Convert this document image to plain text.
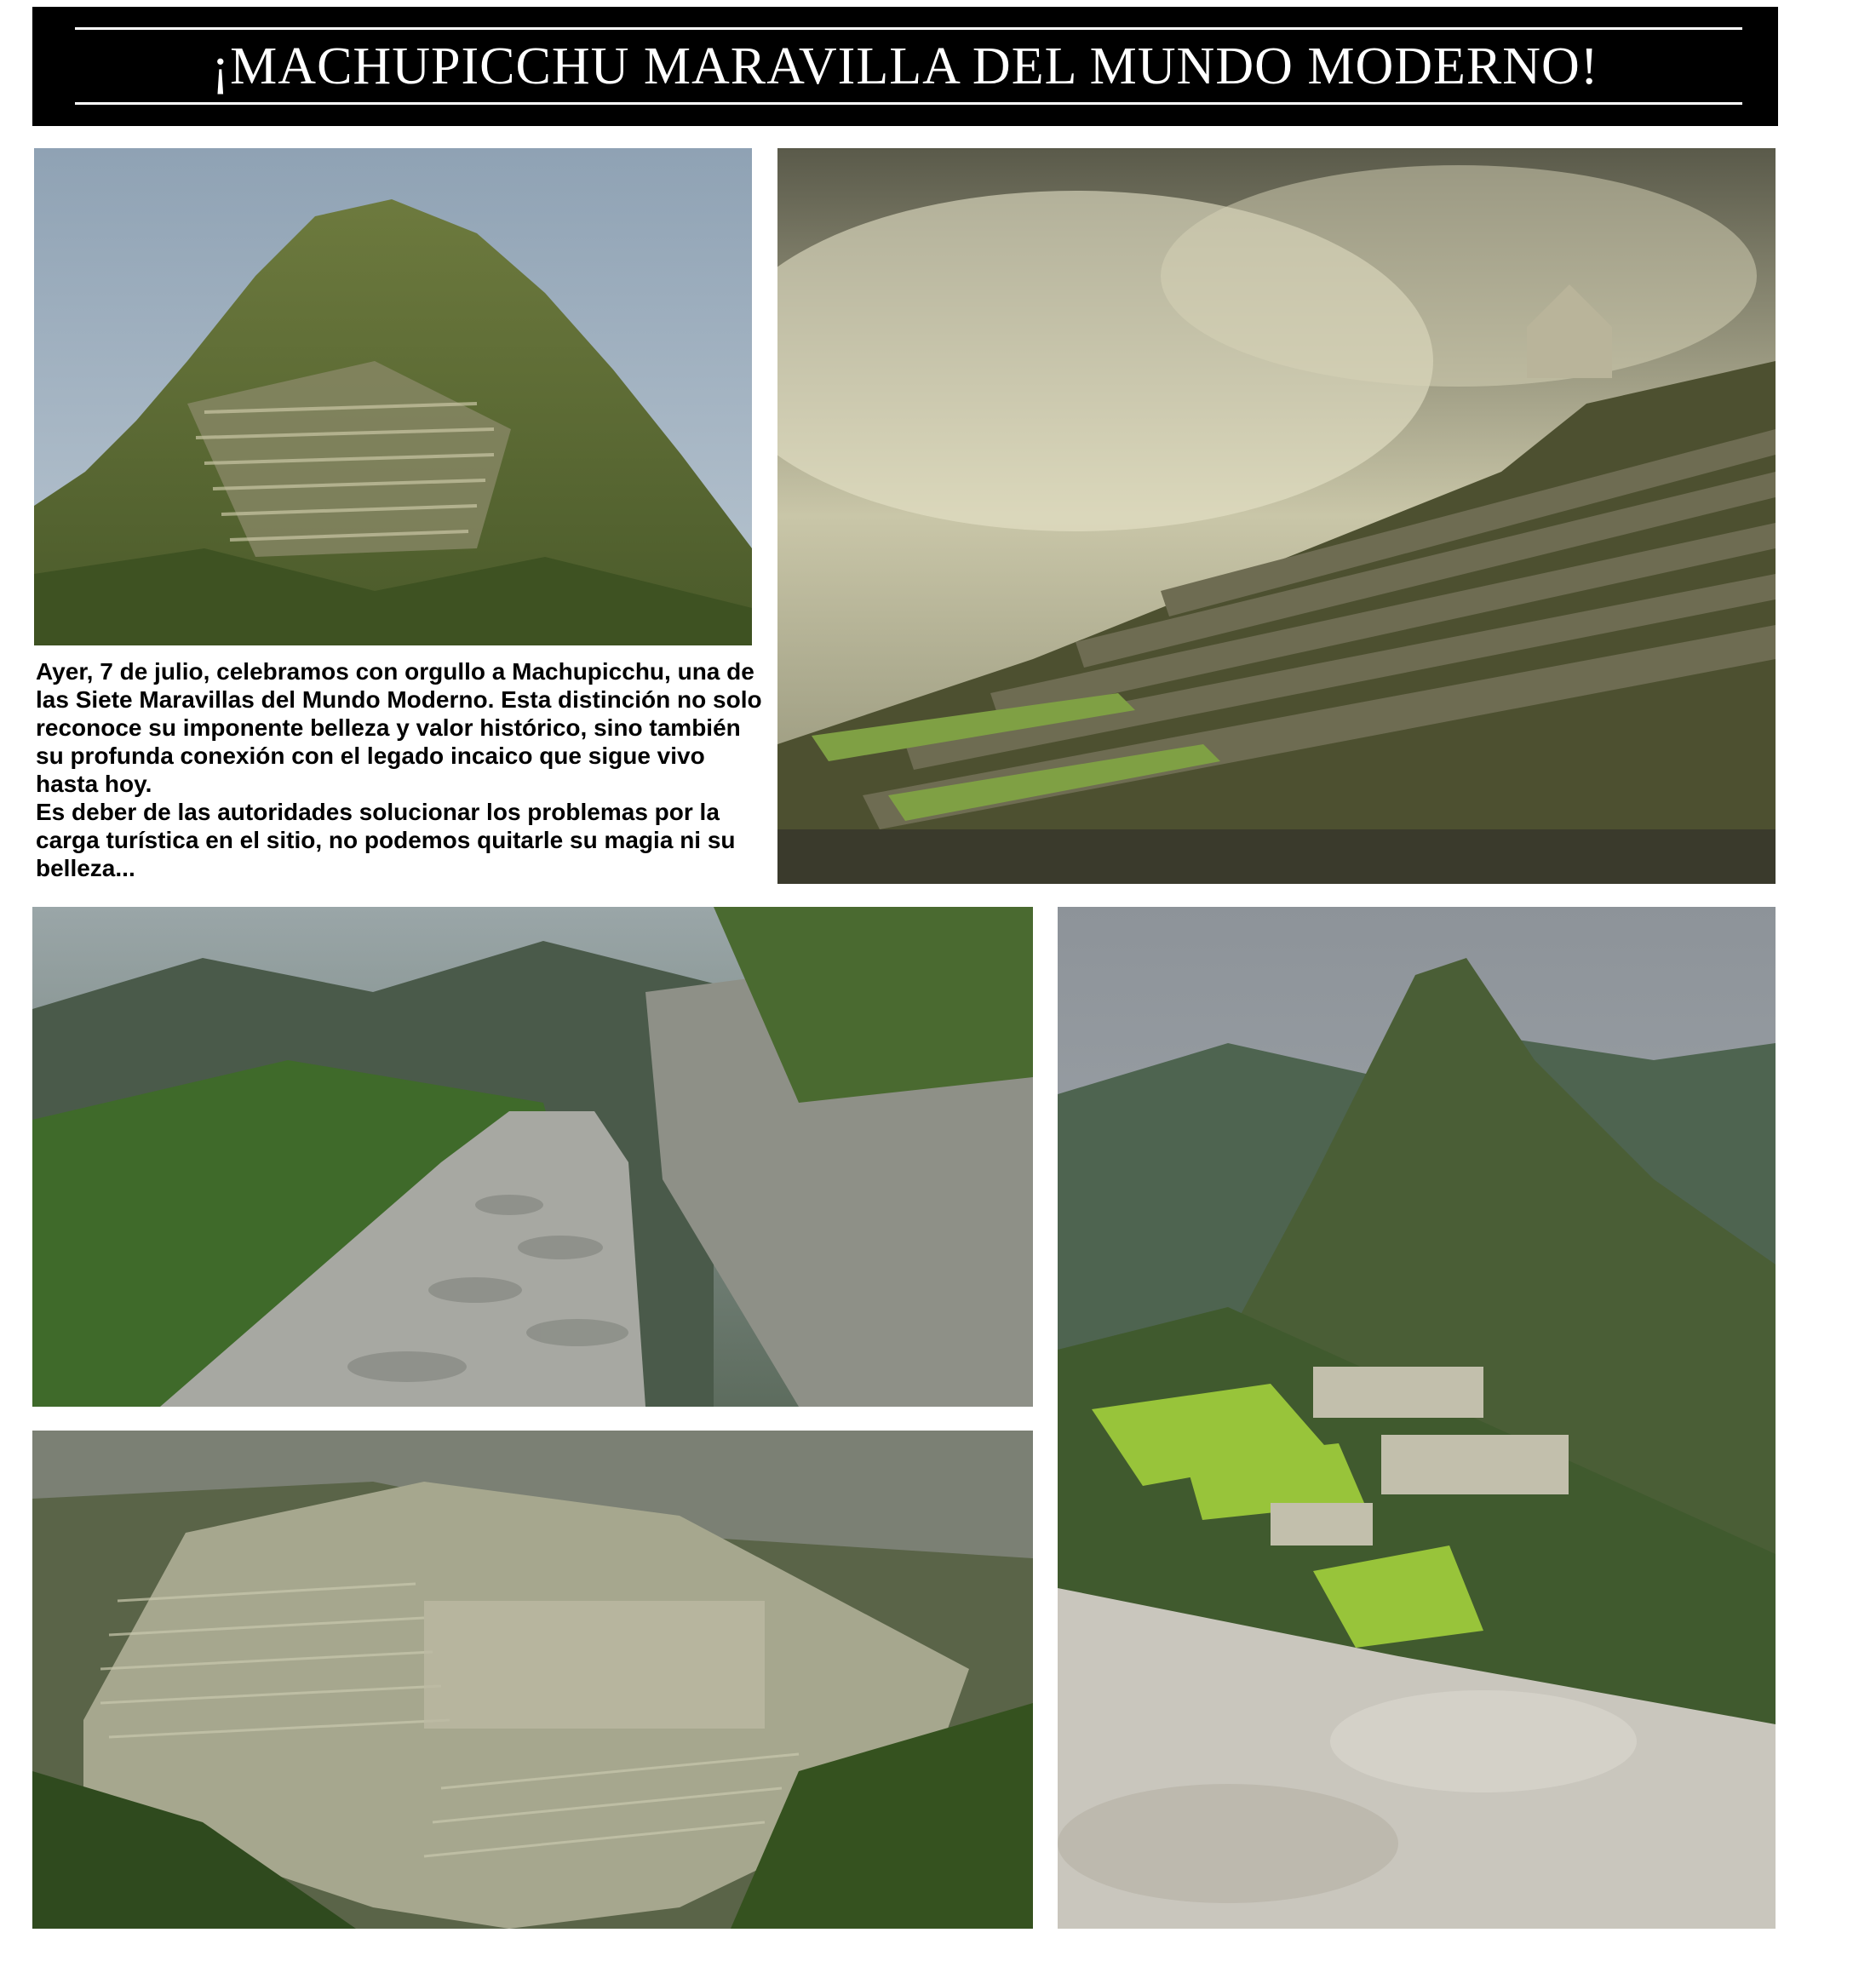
¡MACHUPICCHU MARAVILLA DEL MUNDO MODERNO!

Ayer, 7 de julio, celebramos con orgullo a Machupicchu, una de las Siete Maravillas del Mundo Moderno. Esta distinción no solo reconoce su imponente belleza y valor histórico, sino también su profunda conexión con el legado incaico que sigue vivo hasta hoy.

Es deber de las autoridades solucionar los problemas por la carga turística en el sitio, no podemos quitarle su magia ni su belleza...
